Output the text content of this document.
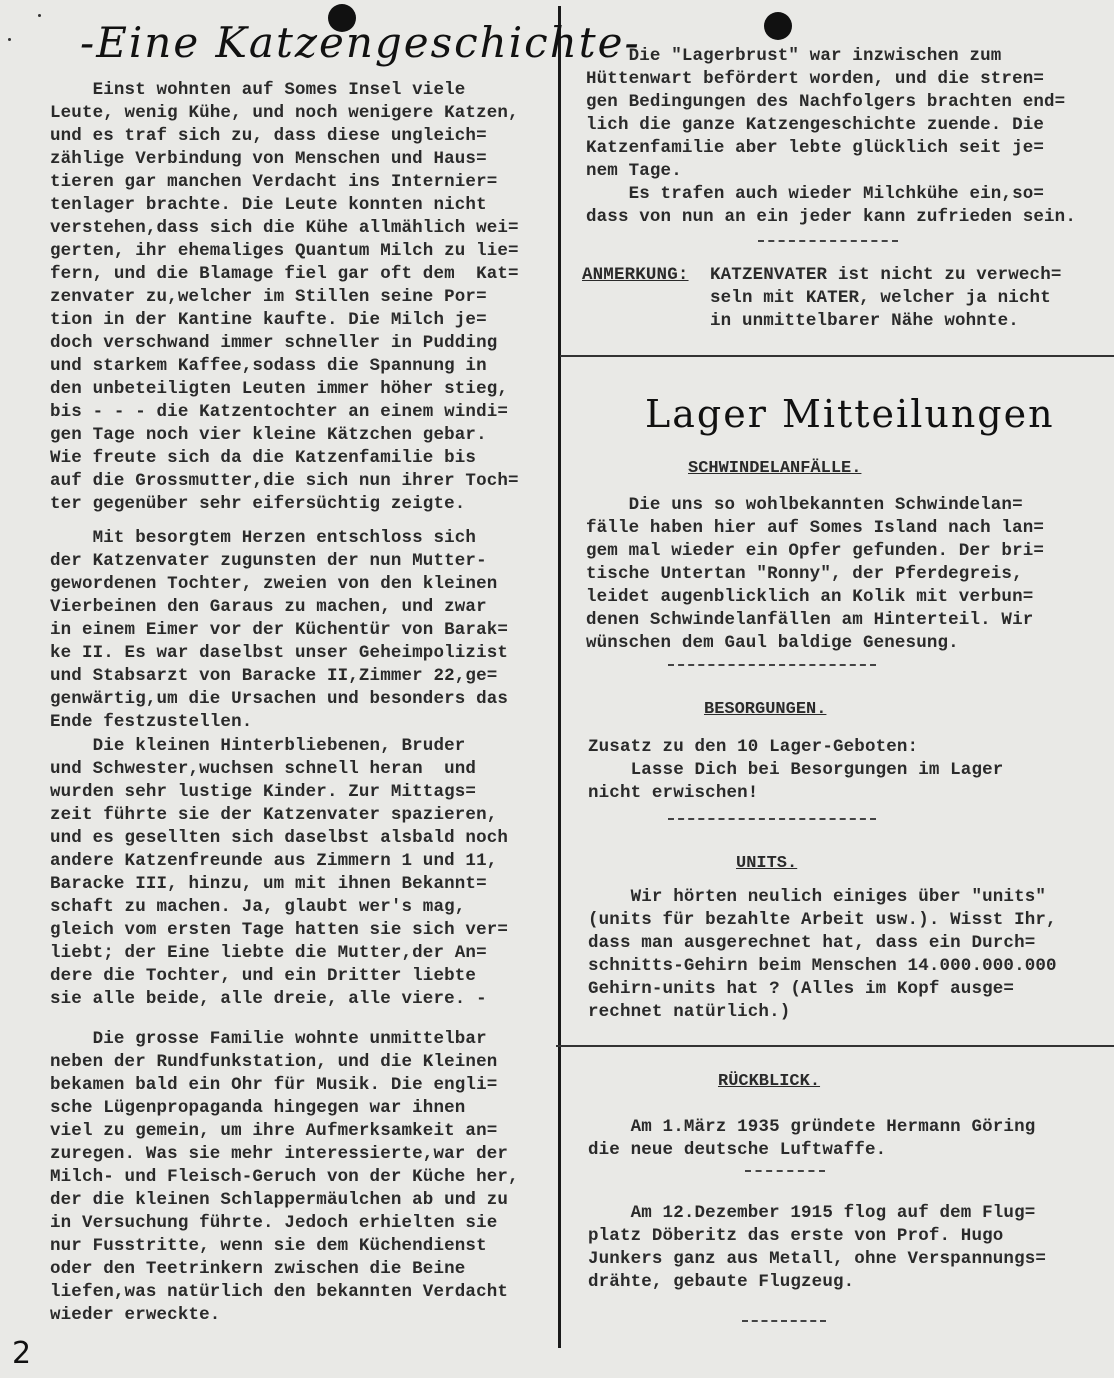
-Eine Katzengeschichte-
Einst wohnten auf Somes Insel viele
Leute, wenig Kühe, und noch wenigere Katzen,
und es traf sich zu, dass diese ungleich=
zählige Verbindung von Menschen und Haus=
tieren gar manchen Verdacht ins Internier=
tenlager brachte. Die Leute konnten nicht
verstehen,dass sich die Kühe allmählich wei=
gerten, ihr ehemaliges Quantum Milch zu lie=
fern, und die Blamage fiel gar oft dem  Kat=
zenvater zu,welcher im Stillen seine Por=
tion in der Kantine kaufte. Die Milch je=
doch verschwand immer schneller in Pudding
und starkem Kaffee,sodass die Spannung in
den unbeteiligten Leuten immer höher stieg,
bis - - - die Katzentochter an einem windi=
gen Tage noch vier kleine Kätzchen gebar.
Wie freute sich da die Katzenfamilie bis
auf die Grossmutter,die sich nun ihrer Toch=
ter gegenüber sehr eifersüchtig zeigte.
Mit besorgtem Herzen entschloss sich
der Katzenvater zugunsten der nun Mutter-
gewordenen Tochter, zweien von den kleinen
Vierbeinen den Garaus zu machen, und zwar
in einem Eimer vor der Küchentür von Barak=
ke II. Es war daselbst unser Geheimpolizist
und Stabsarzt von Baracke II,Zimmer 22,ge=
genwärtig,um die Ursachen und besonders das
Ende festzustellen.
Die kleinen Hinterbliebenen, Bruder
und Schwester,wuchsen schnell heran  und
wurden sehr lustige Kinder. Zur Mittags=
zeit führte sie der Katzenvater spazieren,
und es gesellten sich daselbst alsbald noch
andere Katzenfreunde aus Zimmern 1 und 11,
Baracke III, hinzu, um mit ihnen Bekannt=
schaft zu machen. Ja, glaubt wer's mag,
gleich vom ersten Tage hatten sie sich ver=
liebt; der Eine liebte die Mutter,der An=
dere die Tochter, und ein Dritter liebte
sie alle beide, alle dreie, alle viere. -
Die grosse Familie wohnte unmittelbar
neben der Rundfunkstation, und die Kleinen
bekamen bald ein Ohr für Musik. Die engli=
sche Lügenpropaganda hingegen war ihnen
viel zu gemein, um ihre Aufmerksamkeit an=
zuregen. Was sie mehr interessierte,war der
Milch- und Fleisch-Geruch von der Küche her,
der die kleinen Schlappermäulchen ab und zu
in Versuchung führte. Jedoch erhielten sie
nur Fusstritte, wenn sie dem Küchendienst
oder den Teetrinkern zwischen die Beine
liefen,was natürlich den bekannten Verdacht
wieder erweckte.
2
Die "Lagerbrust" war inzwischen zum
Hüttenwart befördert worden, und die stren=
gen Bedingungen des Nachfolgers brachten end=
lich die ganze Katzengeschichte zuende. Die
Katzenfamilie aber lebte glücklich seit je=
nem Tage.
Es trafen auch wieder Milchkühe ein,so=
dass von nun an ein jeder kann zufrieden sein.
ANMERKUNG: KATZENVATER ist nicht zu verwech=
seln mit KATER, welcher ja nicht
in unmittelbarer Nähe wohnte.
Lager Mitteilungen
SCHWINDELANFÄLLE.
Die uns so wohlbekannten Schwindelan=
fälle haben hier auf Somes Island nach lan=
gem mal wieder ein Opfer gefunden. Der bri=
tische Untertan "Ronny", der Pferdegreis,
leidet augenblicklich an Kolik mit verbun=
denen Schwindelanfällen am Hinterteil. Wir
wünschen dem Gaul baldige Genesung.
BESORGUNGEN.
Zusatz zu den 10 Lager-Geboten:
Lasse Dich bei Besorgungen im Lager
nicht erwischen!
UNITS.
Wir hörten neulich einiges über "units"
(units für bezahlte Arbeit usw.). Wisst Ihr,
dass man ausgerechnet hat, dass ein Durch=
schnitts-Gehirn beim Menschen 14.000.000.000
Gehirn-units hat ? (Alles im Kopf ausge=
rechnet natürlich.)
RÜCKBLICK.
Am 1.März 1935 gründete Hermann Göring
die neue deutsche Luftwaffe.
Am 12.Dezember 1915 flog auf dem Flug=
platz Döberitz das erste von Prof. Hugo
Junkers ganz aus Metall, ohne Verspannungs=
drähte, gebaute Flugzeug.
